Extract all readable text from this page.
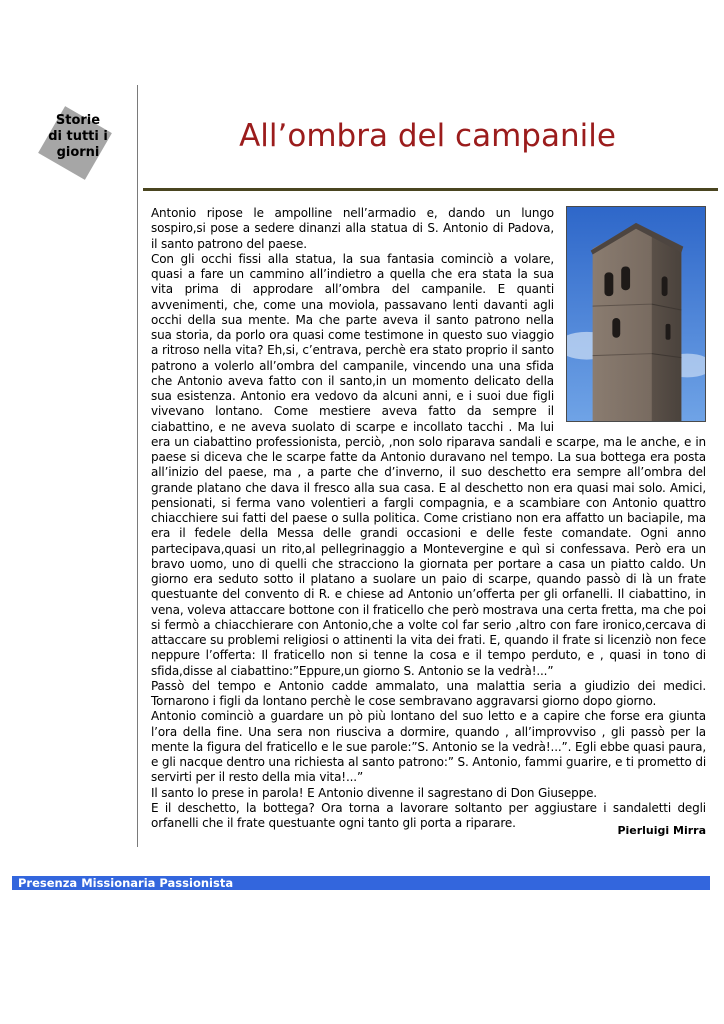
Storie
di tutti i
giorni	All’ombra del campanile

Antonio ripose le ampolline nell’armadio e, dando un lungo sospiro,si pose a sedere dinanzi alla statua di S. Antonio di Padova, il santo patrono del paese.

Con gli occhi fissi alla statua, la sua fantasia cominciò a volare, quasi a fare un cammino all’indietro a quella che era stata la sua vita prima di approdare all’ombra del campanile. E quanti avvenimenti, che, come una moviola, passavano lenti davanti agli occhi della sua mente. Ma che parte aveva il santo patrono nella sua storia, da porlo ora quasi come testimone in questo suo viaggio a ritroso nella vita? Eh,si, c’entrava, perchè era stato proprio il santo patrono a volerlo all’ombra del campanile, vincendo una una sfida che Antonio aveva fatto con il santo,in un momento delicato della sua esistenza. Antonio era vedovo da alcuni anni, e i suoi due figli vivevano lontano. Come mestiere aveva fatto da sempre il ciabattino, e ne aveva suolato di scarpe e incollato tacchi . Ma lui era un ciabattino professionista, perciò, ,non solo riparava sandali e scarpe, ma le anche, e in paese si diceva che le scarpe fatte da Antonio duravano nel tempo. La sua bottega era posta all’inizio del paese, ma , a parte che d’inverno, il suo deschetto era sempre all’ombra del grande platano che dava il fresco alla sua casa. E al deschetto non era quasi mai solo. Amici, pensionati, si ferma vano volentieri a fargli compagnia, e a scambiare con Antonio quattro chiacchiere sui fatti del paese o sulla politica. Come cristiano non era affatto un baciapile, ma era il fedele della Messa delle grandi occasioni e delle feste comandate. Ogni anno partecipava,quasi un rito,al pellegrinaggio a Montevergine e quì si confessava. Però era un bravo uomo, uno di quelli che stracciono la giornata per portare a casa un piatto caldo. Un giorno era seduto sotto il platano a suolare un paio di scarpe, quando passò di là un frate questuante del convento di R. e chiese ad Antonio un’offerta per gli orfanelli. Il ciabattino, in vena, voleva attaccare bottone con il fraticello che però mostrava una certa fretta, ma che poi si fermò a chiacchierare con Antonio,che a volte col far serio ,altro con fare ironico,cercava di attaccare su problemi religiosi o attinenti la vita dei frati. E, quando il frate si licenziò non fece neppure l’offerta: Il fraticello non si tenne la cosa e il tempo perduto, e , quasi in tono di sfida,disse al ciabattino:”Eppure,un giorno S. Antonio se la vedrà!...”

Passò del tempo e Antonio cadde ammalato, una malattia seria a giudizio dei medici. Tornarono i figli da lontano perchè le cose sembravano aggravarsi giorno dopo giorno.

Antonio cominciò a guardare un pò più lontano del suo letto e a capire che forse era giunta l’ora della fine. Una sera non riusciva a dormire, quando , all’improvviso , gli passò per la mente la figura del fraticello e le sue parole:”S. Antonio se la vedrà!...”. Egli ebbe quasi paura, e gli nacque dentro una richiesta al santo patrono:” S. Antonio, fammi guarire, e ti prometto di servirti per il resto della mia vita!...”

Il santo lo prese in parola! E Antonio divenne il sagrestano di Don Giuseppe.

E il deschetto, la bottega? Ora torna a lavorare soltanto per aggiustare i sandaletti degli orfanelli che il frate questuante ogni tanto gli porta a riparare.

Pierluigi Mirra
Presenza Missionaria Passionista
